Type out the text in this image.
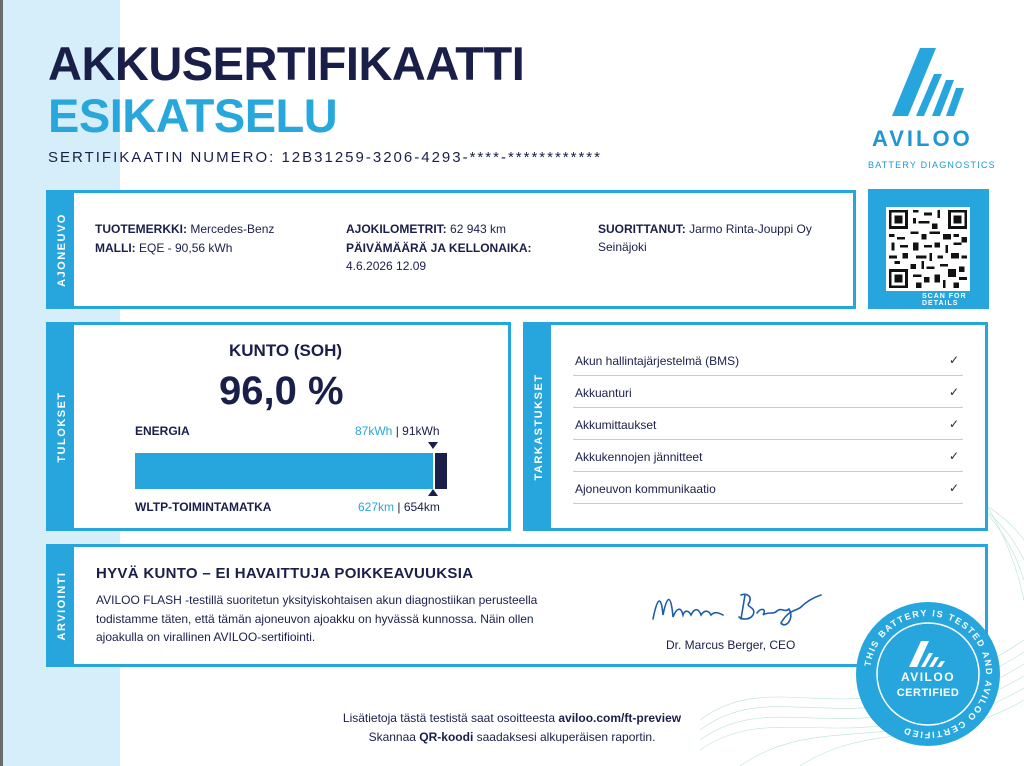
AKKUSERTIFIKAATTI
ESIKATSELU
SERTIFIKAATIN NUMERO: 12B31259-3206-4293-****-************
AVILOO
BATTERY DIAGNOSTICS
AJONEUVO TUOTEMERKKI: Mercedes-Benz
MALLI: EQE - 90,56 kWh
AJOKILOMETRIT: 62 943 km
PÄIVÄMÄÄRÄ JA KELLONAIKA:
4.6.2026 12.09
SUORITTANUT: Jarmo Rinta-Jouppi Oy
Seinäjoki
SCAN FOR DETAILS
TULOKSET
KUNTO (SOH)
96,0 %
ENERGIA	87kWh | 91kWh
WLTP-TOIMINTAMATKA	627km | 654km
TARKASTUKSET
Akun hallintajärjestelmä (BMS)	✓
Akkuanturi	✓
Akkumittaukset	✓
Akkukennojen jännitteet	✓
Ajoneuvon kommunikaatio	✓
ARVIOINTI HYVÄ KUNTO – EI HAVAITTUJA POIKKEAVUUKSIA
AVILOO FLASH -testillä suoritetun yksityiskohtaisen akun diagnostiikan perusteella todistamme täten, että tämän ajoneuvon ajoakku on hyvässä kunnossa. Näin ollen ajoakulla on virallinen AVILOO-sertifiointi.
Dr. Marcus Berger, CEO
THIS BATTERY IS TESTED AND AVILOO CERTIFIED
AVILOO
CERTIFIED
Lisätietoja tästä testistä saat osoitteesta aviloo.com/ft-preview
Skannaa QR-koodi saadaksesi alkuperäisen raportin.
